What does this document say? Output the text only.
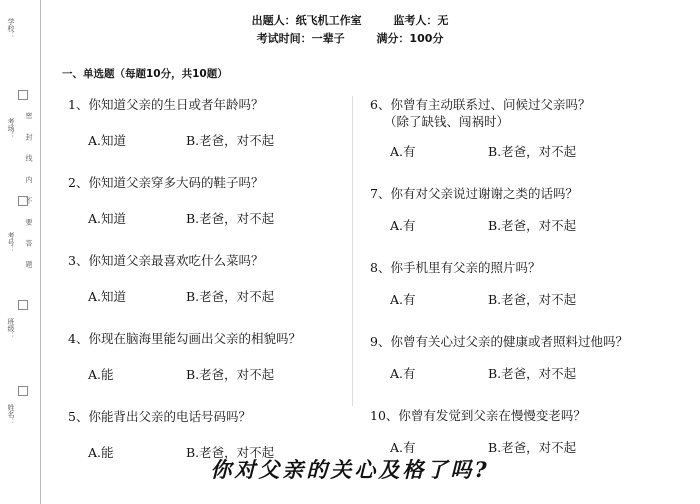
学校：
考场：
考号：
班级：
姓名：
密 封 线 内 不 要 答 题
出题人：纸飞机工作室	监考人：无
考试时间：一辈子	满分：100分
一、单选题（每题10分，共10题）
1、你知道父亲的生日或者年龄吗？
A.知道	B.老爸，对不起
2、你知道父亲穿多大码的鞋子吗？
A.知道	B.老爸，对不起
3、你知道父亲最喜欢吃什么菜吗？
A.知道	B.老爸，对不起
4、你现在脑海里能勾画出父亲的相貌吗？
A.能	B.老爸，对不起
5、你能背出父亲的电话号码吗？
A.能	B.老爸，对不起
6、你曾有主动联系过、问候过父亲吗？
（除了缺钱、闯祸时）
A.有	B.老爸，对不起
7、你有对父亲说过谢谢之类的话吗？
A.有	B.老爸，对不起
8、你手机里有父亲的照片吗？
A.有	B.老爸，对不起
9、你曾有关心过父亲的健康或者照料过他吗？
A.有	B.老爸，对不起
10、你曾有发觉到父亲在慢慢变老吗？
A.有	B.老爸，对不起
你对父亲的关心及格了吗?
